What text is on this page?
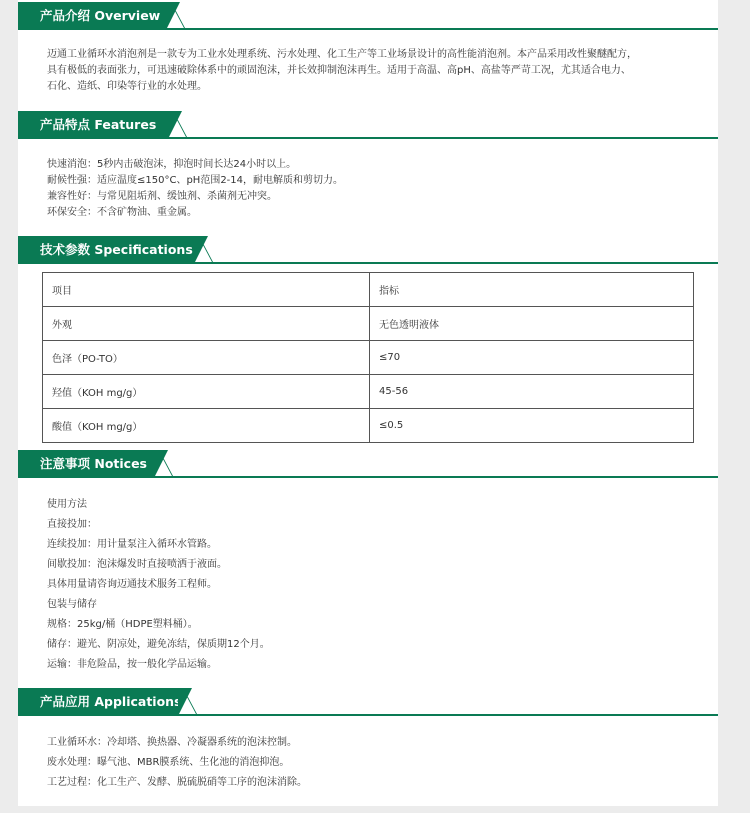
产品介绍 Overview
迈通工业循环水消泡剂是一款专为工业水处理系统、污水处理、化工生产等工业场景设计的高性能消泡剂。本产品采用改性聚醚配方，
具有极低的表面张力，可迅速破除体系中的顽固泡沫，并长效抑制泡沫再生。适用于高温、高pH、高盐等严苛工况，尤其适合电力、
石化、造纸、印染等行业的水处理。
产品特点 Features
快速消泡：5秒内击破泡沫，抑泡时间长达24小时以上。
耐候性强：适应温度≤150°C、pH范围2-14，耐电解质和剪切力。
兼容性好：与常见阻垢剂、缓蚀剂、杀菌剂无冲突。
环保安全：不含矿物油、重金属。
技术参数 Specifications
项目	指标
外观	无色透明液体
色泽（PO-TO）	≤70
羟值（KOH mg/g）	45-56
酸值（KOH mg/g）	≤0.5
注意事项 Notices
使用方法
直接投加：
连续投加：用计量泵注入循环水管路。
间歇投加：泡沫爆发时直接喷洒于液面。
具体用量请咨询迈通技术服务工程师。
包装与储存
规格：25kg/桶（HDPE塑料桶）。
储存：避光、阴凉处，避免冻结，保质期12个月。
运输：非危险品，按一般化学品运输。
产品应用 Applications
工业循环水：冷却塔、换热器、冷凝器系统的泡沫控制。
废水处理：曝气池、MBR膜系统、生化池的消泡抑泡。
工艺过程：化工生产、发酵、脱硫脱硝等工序的泡沫消除。
